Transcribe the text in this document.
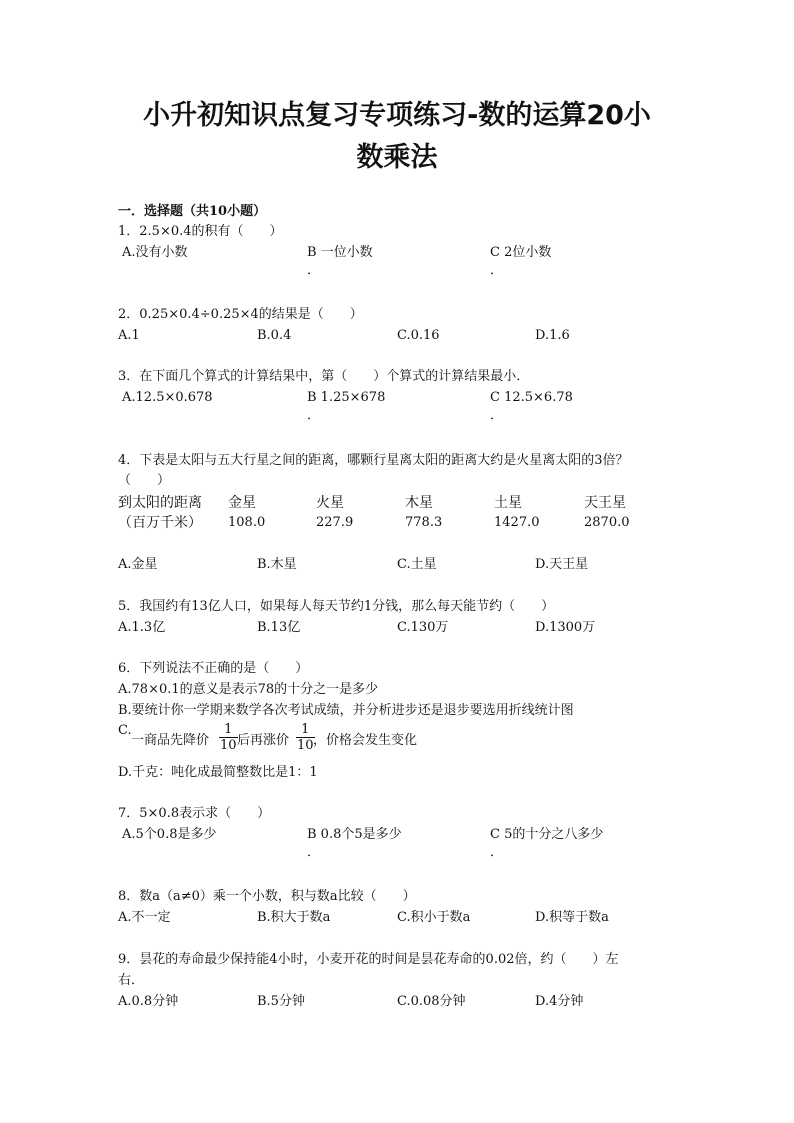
小升初知识点复习专项练习-数的运算20小
数乘法
一．选择题（共10小题）
1．2.5×0.4的积有（　　）
A.没有小数	B 一位小数	C 2位小数
．	．
2．0.25×0.4÷0.25×4的结果是（　　）
A.1	B.0.4	C.0.16	D.1.6
3．在下面几个算式的计算结果中，第（　　）个算式的计算结果最小．
A.12.5×0.678	B 1.25×678	C 12.5×6.78
．	．
4．下表是太阳与五大行星之间的距离，哪颗行星离太阳的距离大约是火星离太阳的3倍？
（　　）
到太阳的距离 金星	火星	木星	土星	天王星
（百万千米） 108.0	227.9	778.3	1427.0	2870.0
A.金星	B.木星	C.土星	D.天王星
5．我国约有13亿人口，如果每人每天节约1分钱，那么每天能节约（　　）
A.1.3亿	B.13亿	C.130万	D.1300万
6．下列说法不正确的是（　　）
A.78×0.1的意义是表示78的十分之一是多少
B.要统计你一学期来数学各次考试成绩，并分析进步还是退步要选用折线统计图
C.
一商品先降价 $\frac{1}{10}$ 后再涨价 $\frac{1}{10}$
，价格会发生变化
D.千克：吨化成最简整数比是1：1
7．5×0.8表示求（　　）
A.5个0.8是多少	B 0.8个5是多少	C 5的十分之八多少
．	．
8．数a（a≠0）乘一个小数，积与数a比较（　　）
A.不一定	B.积大于数a	C.积小于数a	D.积等于数a
9．昙花的寿命最少保持能4小时，小麦开花的时间是昙花寿命的0.02倍，约（　　）左
右．
A.0.8分钟	B.5分钟	C.0.08分钟	D.4分钟
